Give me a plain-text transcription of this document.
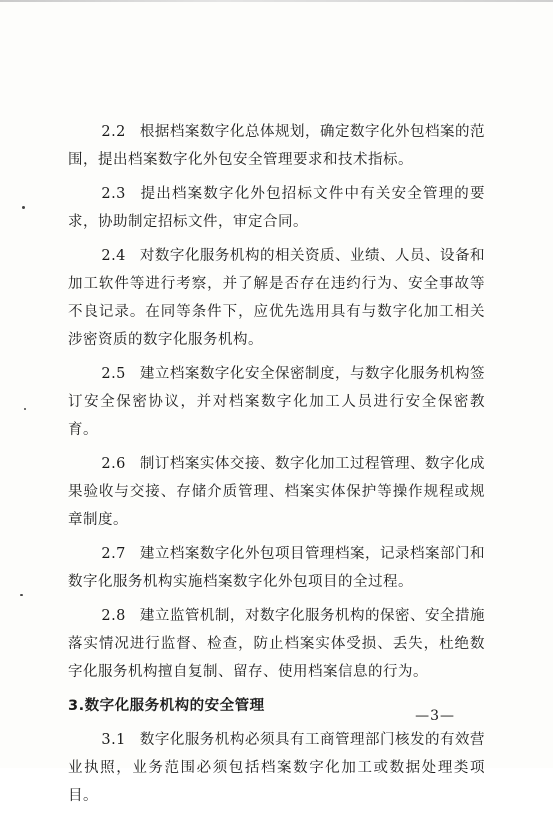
2.2 根据档案数字化总体规划，确定数字化外包档案的范围，提出档案数字化外包安全管理要求和技术指标。

2.3 提出档案数字化外包招标文件中有关安全管理的要求，协助制定招标文件，审定合同。

2.4 对数字化服务机构的相关资质、业绩、人员、设备和加工软件等进行考察，并了解是否存在违约行为、安全事故等不良记录。在同等条件下，应优先选用具有与数字化加工相关涉密资质的数字化服务机构。

2.5 建立档案数字化安全保密制度，与数字化服务机构签订安全保密协议，并对档案数字化加工人员进行安全保密教育。

2.6 制订档案实体交接、数字化加工过程管理、数字化成果验收与交接、存储介质管理、档案实体保护等操作规程或规章制度。

2.7 建立档案数字化外包项目管理档案，记录档案部门和数字化服务机构实施档案数字化外包项目的全过程。

2.8 建立监管机制，对数字化服务机构的保密、安全措施落实情况进行监督、检查，防止档案实体受损、丢失，杜绝数字化服务机构擅自复制、留存、使用档案信息的行为。

3.数字化服务机构的安全管理

3.1 数字化服务机构必须具有工商管理部门核发的有效营业执照，业务范围必须包括档案数字化加工或数据处理类项目。

—3—
